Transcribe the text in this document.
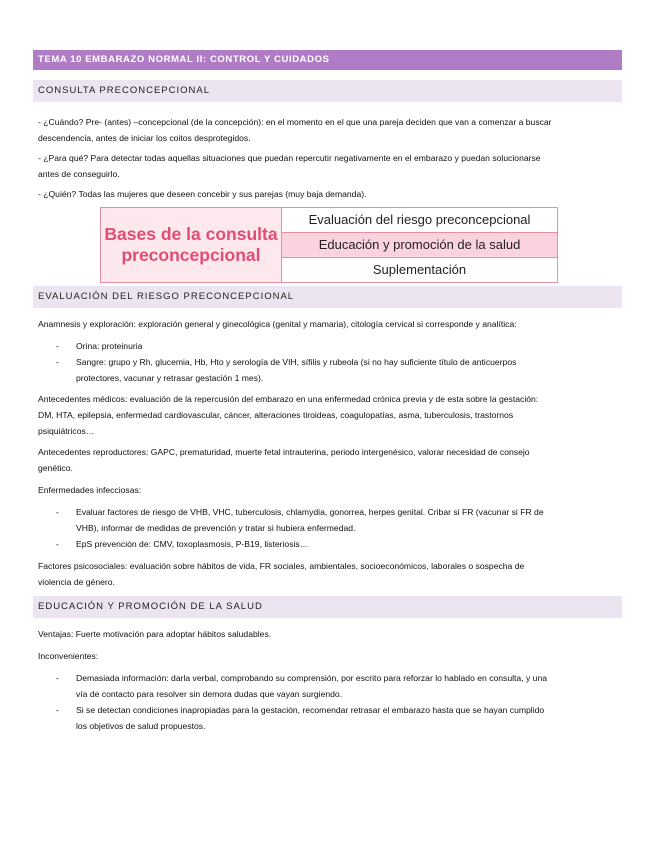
TEMA 10 EMBARAZO NORMAL II: CONTROL Y CUIDADOS
CONSULTA PRECONCEPCIONAL

- ¿Cuándo? Pre- (antes) –concepcional (de la concepción): en el momento en el que una pareja deciden que van a comenzar a buscar

descendencia, antes de iniciar los coitos desprotegidos.

- ¿Para qué? Para detectar todas aquellas situaciones que puedan repercutir negativamente en el embarazo y puedan solucionarse

antes de conseguirlo.

- ¿Quién? Todas las mujeres que deseen concebir y sus parejas (muy baja demanda).

Bases de la consulta
preconcepcional
Evaluación del riesgo preconcepcional
Educación y promoción de la salud
Suplementación
EVALUACIÓN DEL RIESGO PRECONCEPCIONAL

Anamnesis y exploración: exploración general y ginecológica (genital y mamaria), citología cervical si corresponde y analítica:

- Orina: proteinuria
- Sangre: grupo y Rh, glucemia, Hb, Hto y serología de VIH, sífilis y rubeola (si no hay suficiente título de anticuerpos
protectores, vacunar y retrasar gestación 1 mes).

Antecedentes médicos: evaluación de la repercusión del embarazo en una enfermedad crónica previa y de esta sobre la gestación:

DM, HTA, epilepsia, enfermedad cardiovascular, cáncer, alteraciones tiroideas, coagulopatías, asma, tuberculosis, trastornos

psiquiátricos…

Antecedentes reproductores: GAPC, prematuridad, muerte fetal intrauterina, periodo intergenésico, valorar necesidad de consejo

genético.

Enfermedades infecciosas:

- Evaluar factores de riesgo de VHB, VHC, tuberculosis, chlamydia, gonorrea, herpes genital. Cribar si FR (vacunar si FR de
VHB), informar de medidas de prevención y tratar si hubiera enfermedad.
- EpS prevención de: CMV, toxoplasmosis, P-B19, listeriosis…

Factores psicosociales: evaluación sobre hábitos de vida, FR sociales, ambientales, socioeconómicos, laborales o sospecha de

violencia de género.

EDUCACIÓN Y PROMOCIÓN DE LA SALUD

Ventajas: Fuerte motivación para adoptar hábitos saludables.

Inconvenientes:

- Demasiada información: darla verbal, comprobando su comprensión, por escrito para reforzar lo hablado en consulta, y una
vía de contacto para resolver sin demora dudas que vayan surgiendo.
- Si se detectan condiciones inapropiadas para la gestación, recomendar retrasar el embarazo hasta que se hayan cumplido
los objetivos de salud propuestos.
